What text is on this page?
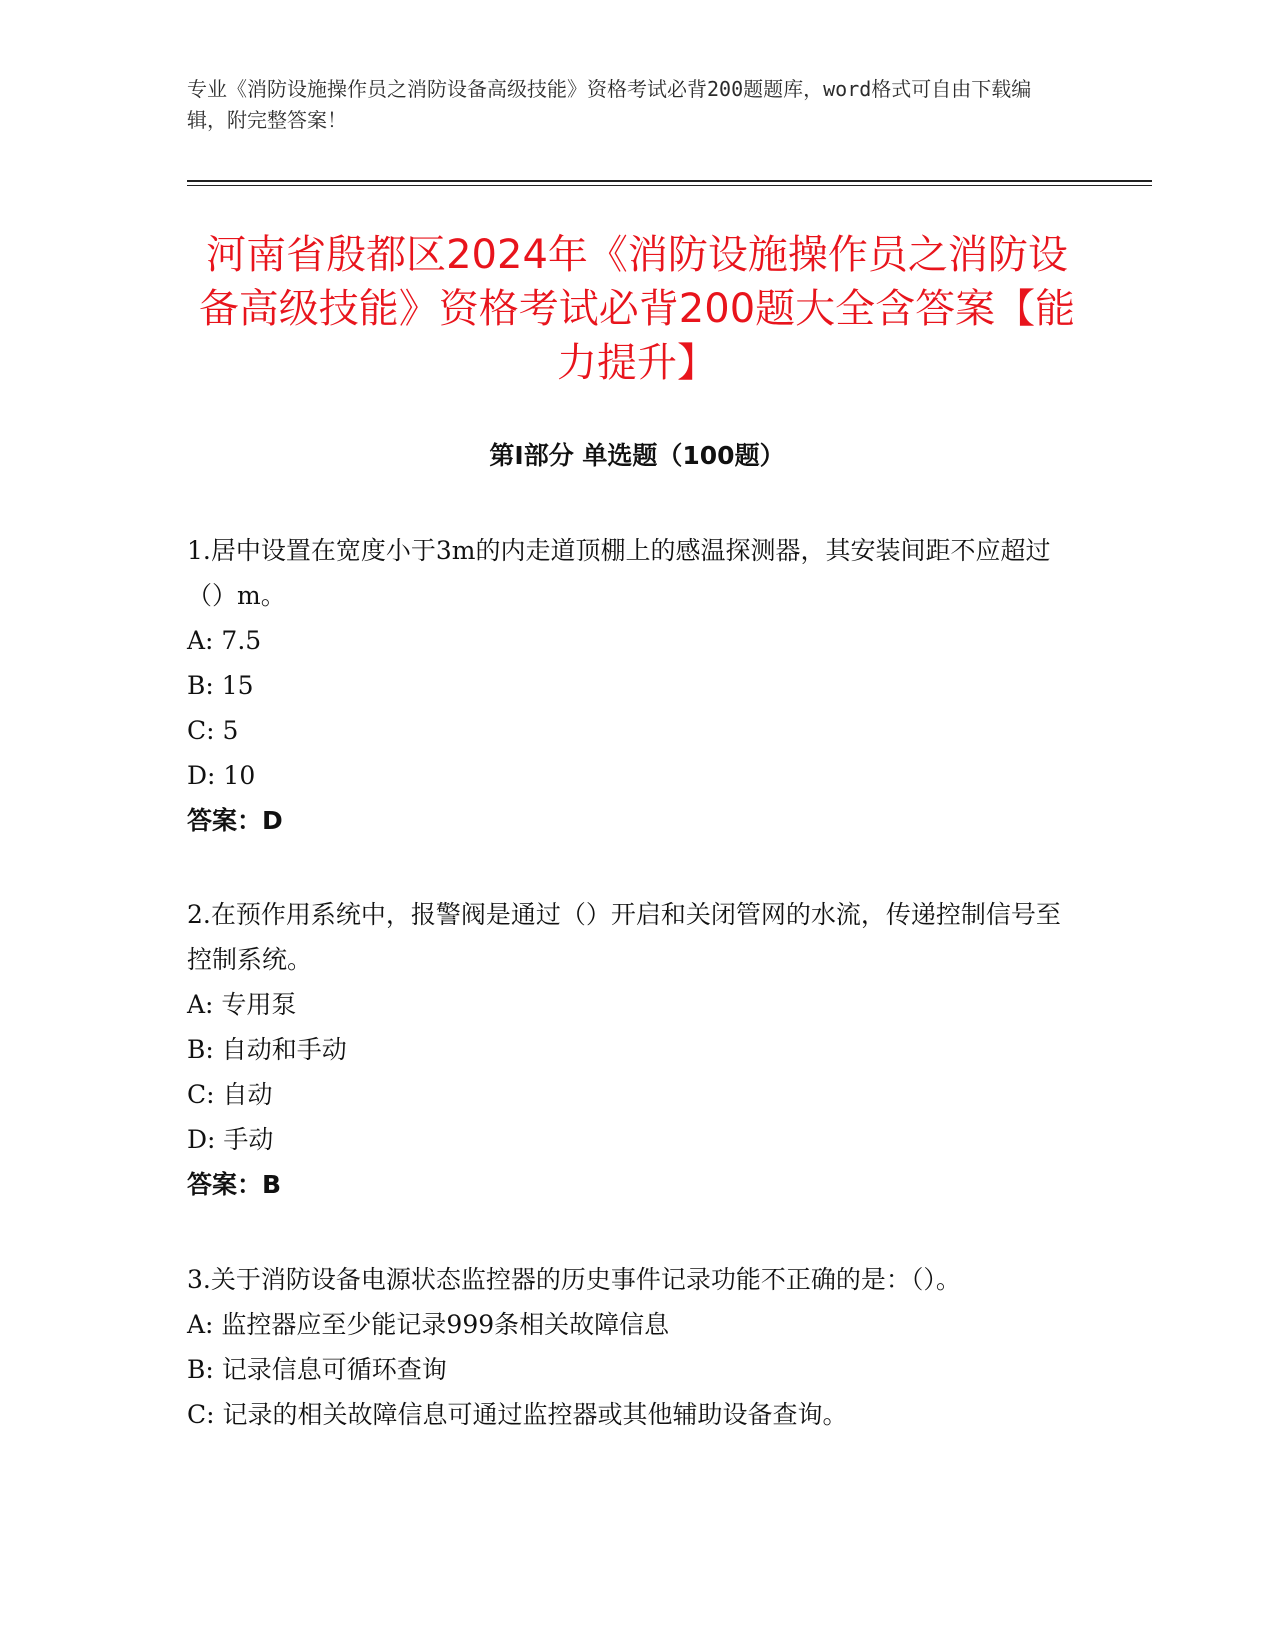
专业《消防设施操作员之消防设备高级技能》资格考试必背200题题库，word格式可自由下载编辑，附完整答案！
河南省殷都区2024年《消防设施操作员之消防设备高级技能》资格考试必背200题大全含答案【能力提升】
第I部分 单选题（100题）

1.居中设置在宽度小于3m的内走道顶棚上的感温探测器，其安装间距不应超过（）m。

A: 7.5

B: 15

C: 5

D: 10

答案：D

2.在预作用系统中，报警阀是通过（）开启和关闭管网的水流，传递控制信号至控制系统。

A: 专用泵

B: 自动和手动

C: 自动

D: 手动

答案：B

3.关于消防设备电源状态监控器的历史事件记录功能不正确的是：（）。

A: 监控器应至少能记录999条相关故障信息

B: 记录信息可循环查询

C: 记录的相关故障信息可通过监控器或其他辅助设备查询。
